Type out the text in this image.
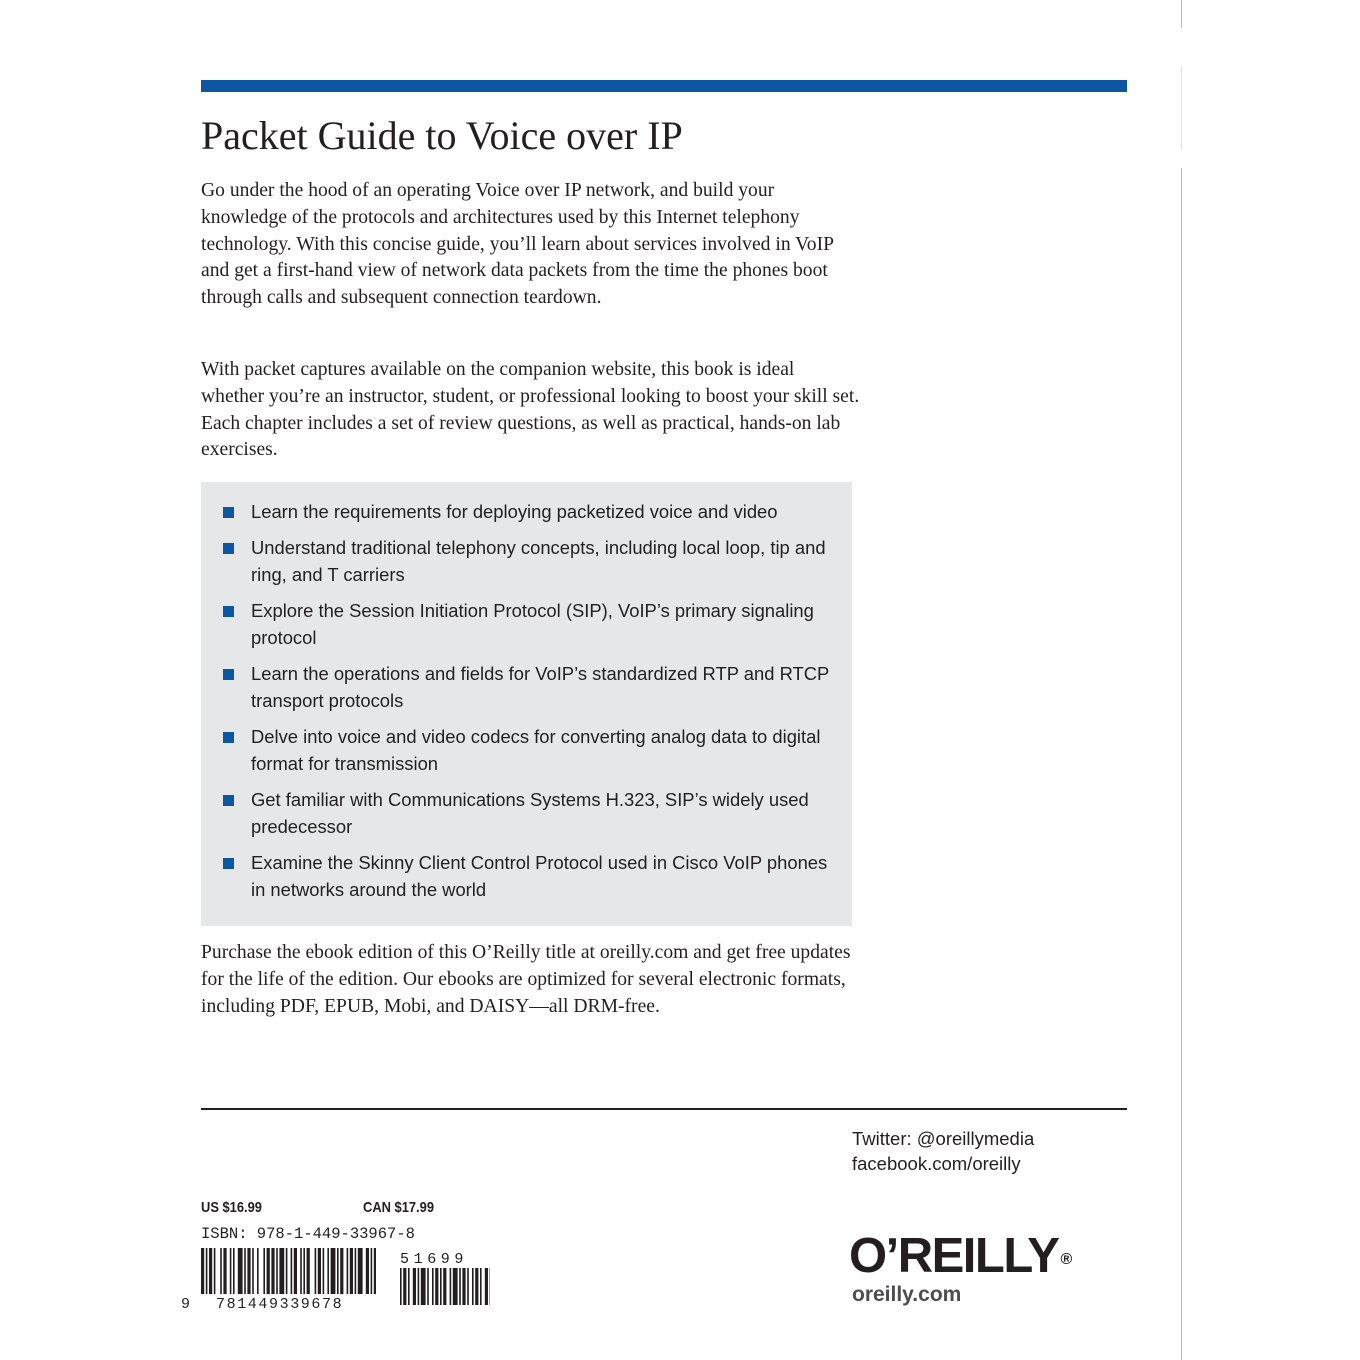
Packet Guide to Voice over IP

Go under the hood of an operating Voice over IP network, and build your knowledge of the protocols and architectures used by this Internet telephony technology. With this concise guide, you’ll learn about services involved in VoIP and get a first-hand view of network data packets from the time the phones boot through calls and subsequent connection teardown.

With packet captures available on the companion website, this book is ideal whether you’re an instructor, student, or professional looking to boost your skill set. Each chapter includes a set of review questions, as well as practical, hands-on lab exercises.

Learn the requirements for deploying packetized voice and video
Understand traditional telephony concepts, including local loop, tip and ring, and T carriers
Explore the Session Initiation Protocol (SIP), VoIP’s primary signaling protocol
Learn the operations and fields for VoIP’s standardized RTP and RTCP transport protocols
Delve into voice and video codecs for converting analog data to digital format for transmission
Get familiar with Communications Systems H.323, SIP’s widely used predecessor
Examine the Skinny Client Control Protocol used in Cisco VoIP phones in networks around the world

Purchase the ebook edition of this O’Reilly title at oreilly.com and get free updates for the life of the edition. Our ebooks are optimized for several electronic formats, including PDF, EPUB, Mobi, and DAISY—all DRM-free.

Twitter: @oreillymedia
facebook.com/oreilly
US $16.99	CAN $17.99
ISBN: 978-1-449-33967-8
9 781449339678
51699	O’REILLY ®
oreilly.com
